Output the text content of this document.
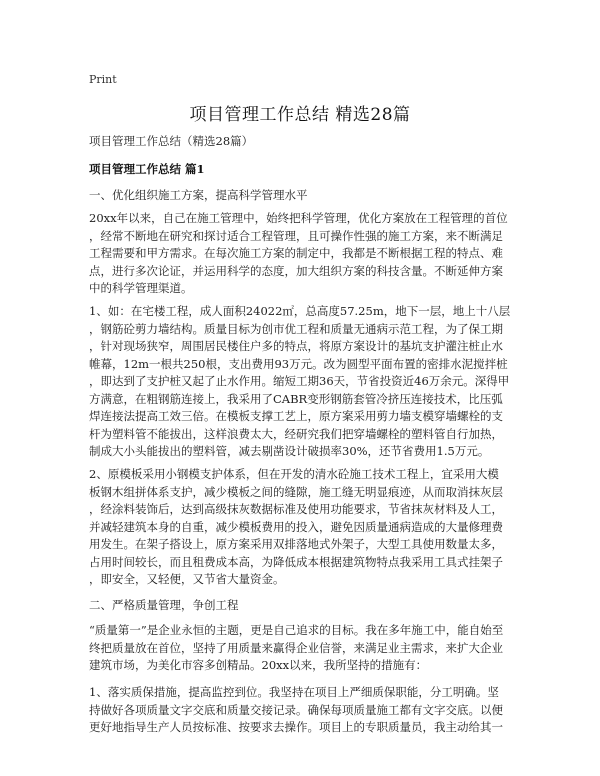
Print
项目管理工作总结 精选28篇
项目管理工作总结（精选28篇）
项目管理工作总结 篇1
一、优化组织施工方案，提高科学管理水平
20xx年以来，自己在施工管理中，始终把科学管理，优化方案放在工程管理的首位
，经常不断地在研究和探讨适合工程管理，且可操作性强的施工方案，来不断满足
工程需要和甲方需求。在每次施工方案的制定中，我都是不断根据工程的特点、难
点，进行多次论证，并运用科学的态度，加大组织方案的科技含量。不断延伸方案
中的科学管理渠道。
1、如：在宅楼工程，成人面积24022㎡，总高度57.25m，地下一层，地上十八层
，钢筋砼剪力墙结构。质量目标为创市优工程和质量无通病示范工程，为了保工期
，针对现场狭窄，周围居民楼住户多的特点，将原方案设计的基坑支护灌注桩止水
帷幕，12m一根共250根，支出费用93万元。改为圆型平面布置的密排水泥搅拌桩
，即达到了支护桩又起了止水作用。缩短工期36天，节省投资近46万余元。深得甲
方满意，在粗钢筋连接上，我采用了CABR变形钢筋套管冷挤压连接技术，比压弧
焊连接法提高工效三倍。在模板支撑工艺上，原方案采用剪力墙支模穿墙螺栓的支
杆为塑料管不能拔出，这样浪费太大，经研究我们把穿墙螺栓的塑料管自行加热，
制成大小头能拔出的塑料管，减去剔凿设计破损率30%，还节省费用1.5万元。
2、原模板采用小钢模支护体系，但在开发的清水砼施工技术工程上，宜采用大模
板钢木组拼体系支护，减少模板之间的缝隙，施工缝无明显痕迹，从而取消抹灰层
，经涂料装饰后，达到高级抹灰数据标准及使用功能要求，节省抹灰材料及人工，
并减轻建筑本身的自重，减少模板费用的投入，避免因质量通病造成的大量修理费
用发生。在架子搭设上，原方案采用双排落地式外架子，大型工具使用数量太多，
占用时间较长，而且租费成本高，为降低成本根据建筑物特点我采用工具式挂架子
，即安全，又轻便，又节省大量资金。
二、严格质量管理，争创工程
“质量第一”是企业永恒的主题，更是自己追求的目标。我在多年施工中，能自始至
终把质量放在首位，坚持了用质量来赢得企业信誉，来满足业主需求，来扩大企业
建筑市场，为美化市容多创精品。20xx以来，我所坚持的措施有：
1、落实质保措施，提高监控到位。我坚持在项目上严细质保职能，分工明确。坚
持做好各项质量文字交底和质量交接记录。确保每项质量施工都有文字交底。以便
更好地指导生产人员按标准、按要求去操作。项目上的专职质量员，我主动给其一
